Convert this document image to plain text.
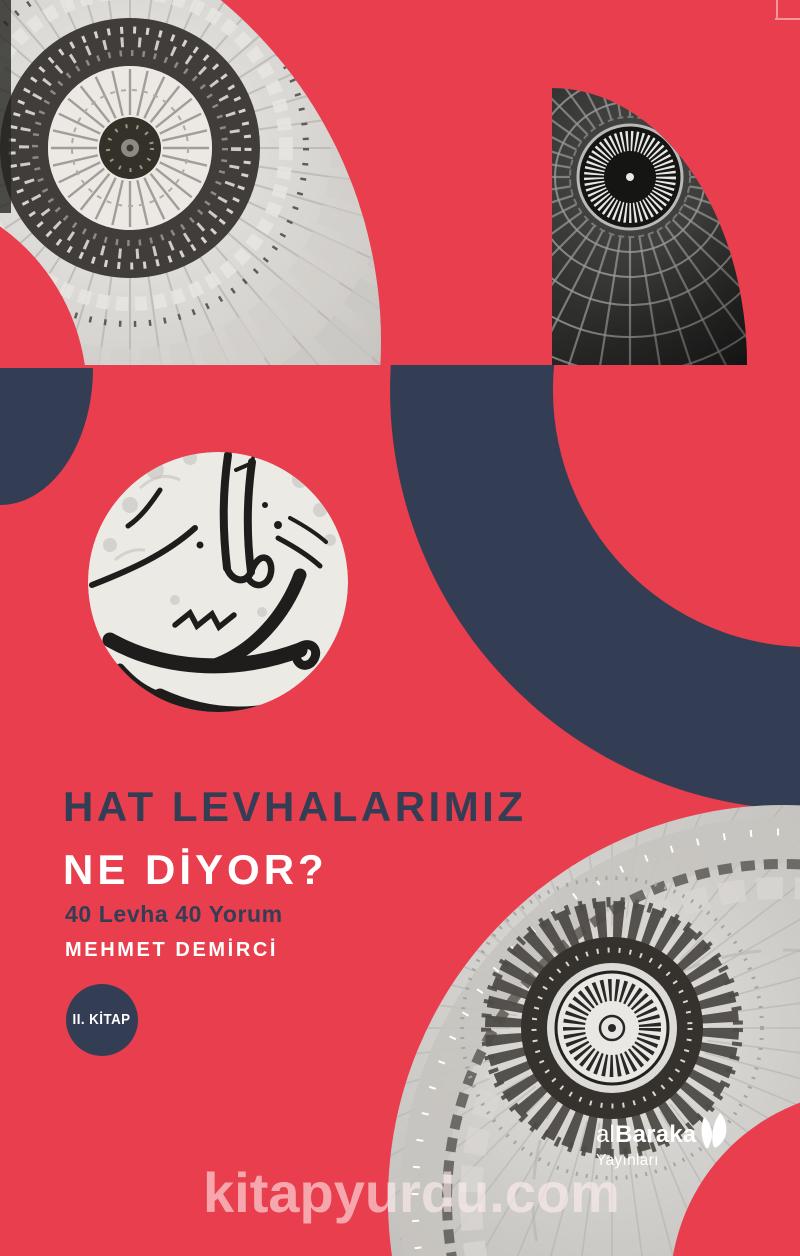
HAT LEVHALARIMIZ
NE DİYOR?
40 Levha 40 Yorum
MEHMET DEMİRCİ
II. KİTAP
alBaraka
Yayınları
kitapyurdu.com
